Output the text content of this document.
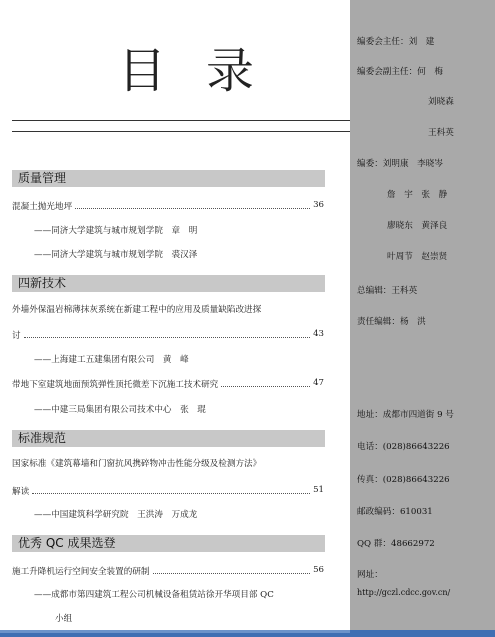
目 录
质量管理
混凝土抛光地坪	36
——同济大学建筑与城市规划学院　章　明
——同济大学建筑与城市规划学院　裘汉泽
四新技术
外墙外保温岩棉薄抹灰系统在新建工程中的应用及质量缺陷改进探
讨	43
——上海建工五建集团有限公司　黄　峰
带地下室建筑地面预筑弹性顶托微差下沉施工技术研究	47
——中建三局集团有限公司技术中心　张　琨
标准规范
国家标准《建筑幕墙和门窗抗风携碎物冲击性能分级及检测方法》
解读	51
——中国建筑科学研究院　王洪涛　万成龙
优秀 QC 成果选登
施工升降机运行空间安全装置的研制	56
——成都市第四建筑工程公司机械设备租赁站徐开华项目部 QC
小组
编委会主任：刘　建
编委会副主任：何　梅
刘晓森
王科英
编委：刘明康　李晓岑
詹　宇　张　静
廖晓东　黄泽良
叶周节　赵崇贤
总编辑：王科英
责任编辑：杨　洪
地址：成都市四道街 9 号
电话：(028)86643226
传真：(028)86643226
邮政编码：610031
QQ 群：48662972
网址：
http://gczl.cdcc.gov.cn/
